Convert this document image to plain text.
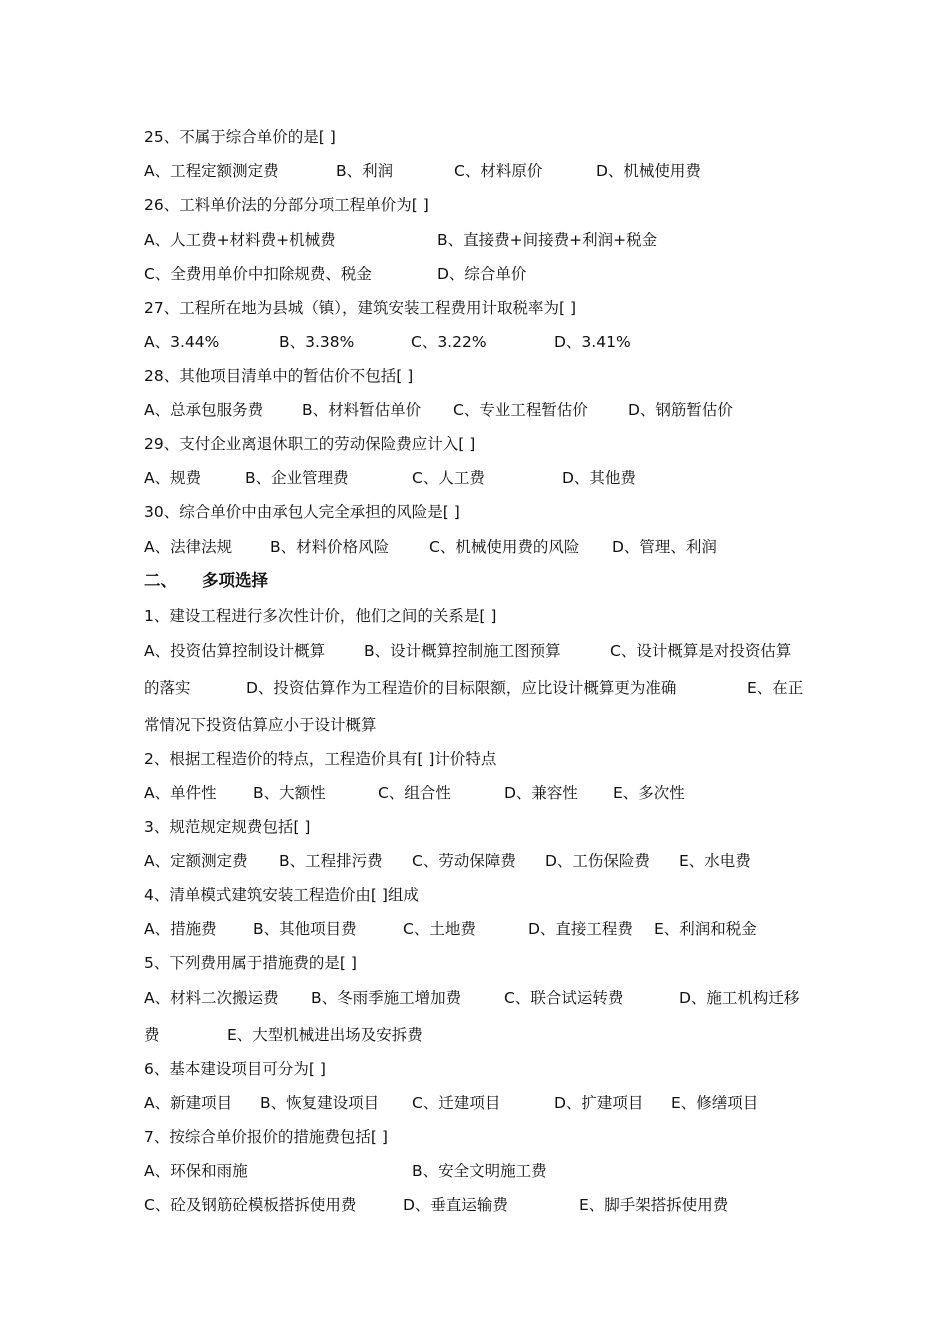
25、不属于综合单价的是[ ]
A、工程定额测定费	B、利润	C、材料原价	D、机械使用费
26、工料单价法的分部分项工程单价为[ ]
A、人工费+材料费+机械费	B、直接费+间接费+利润+税金
C、全费用单价中扣除规费、税金	D、综合单价
27、工程所在地为县城（镇），建筑安装工程费用计取税率为[ ]
A、3.44%	B、3.38%	C、3.22%	D、3.41%
28、其他项目清单中的暂估价不包括[ ]
A、总承包服务费	B、材料暂估单价 C、专业工程暂估价	D、钢筋暂估价
29、支付企业离退休职工的劳动保险费应计入[ ]
A、规费	B、企业管理费	C、人工费	D、其他费
30、综合单价中由承包人完全承担的风险是[ ]
A、法律法规 B、材料价格风险	C、机械使用费的风险 D、管理、利润
二、 多项选择
1、建设工程进行多次性计价，他们之间的关系是[ ]
A、投资估算控制设计概算	B、设计概算控制施工图预算	C、设计概算是对投资估算
的落实	D、投资估算作为工程造价的目标限额，应比设计概算更为准确	E、在正
常情况下投资估算应小于设计概算
2、根据工程造价的特点，工程造价具有[ ]计价特点
A、单件性 B、大额性	C、组合性	D、兼容性 E、多次性
3、规范规定规费包括[ ]
A、定额测定费 B、工程排污费 C、劳动保障费 D、工伤保险费 E、水电费
4、清单模式建筑安装工程造价由[ ]组成
A、措施费 B、其他项目费	C、土地费	D、直接工程费 E、利润和税金
5、下列费用属于措施费的是[ ]
A、材料二次搬运费 B、冬雨季施工增加费	C、联合试运转费	D、施工机构迁移
费	E、大型机械进出场及安拆费
6、基本建设项目可分为[ ]
A、新建项目 B、恢复建设项目 C、迁建项目	D、扩建项目 E、修缮项目
7、按综合单价报价的措施费包括[ ]
A、环保和雨施	B、安全文明施工费
C、砼及钢筋砼模板搭拆使用费	D、垂直运输费	E、脚手架搭拆使用费
